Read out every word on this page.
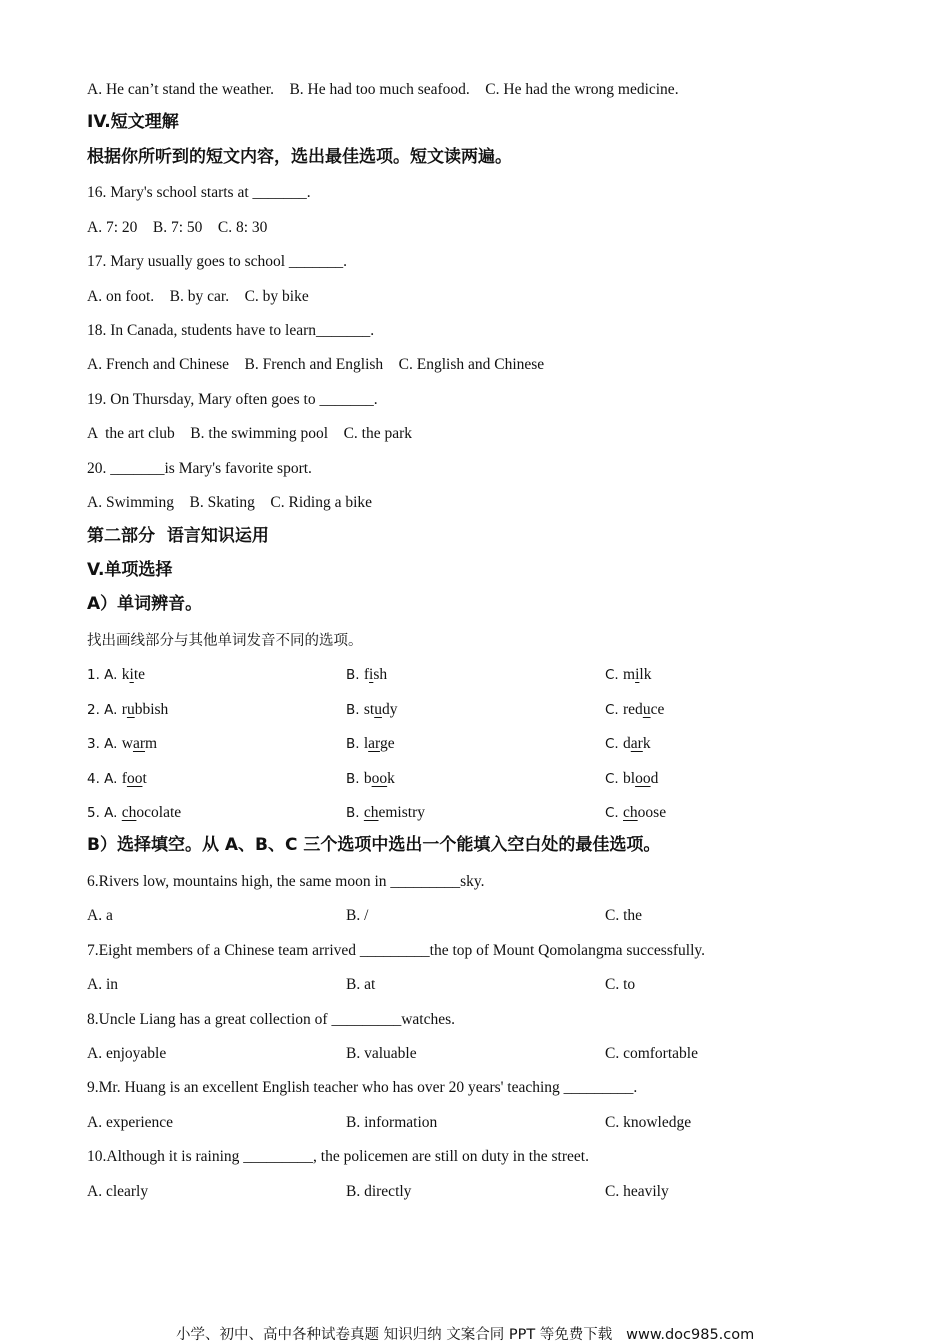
A. He can’t stand the weather.    B. He had too much seafood.    C. He had the wrong medicine.
IV.短文理解
根据你所听到的短文内容，选出最佳选项。短文读两遍。
16. Mary's school starts at _______.
A. 7: 20    B. 7: 50    C. 8: 30
17. Mary usually goes to school _______.
A. on foot.    B. by car.    C. by bike
18. In Canada, students have to learn_______.
A. French and Chinese    B. French and English    C. English and Chinese
19. On Thursday, Mary often goes to _______.
A  the art club    B. the swimming pool    C. the park
20. _______is Mary's favorite sport.
A. Swimming    B. Skating    C. Riding a bike
第二部分  语言知识运用
V.单项选择
A）单词辨音。
找出画线部分与其他单词发音不同的选项。
1. A. kite	B. fish	C. milk
2. A. rubbish	B. study	C. reduce
3. A. warm	B. large	C. dark
4. A. foot	B. book	C. blood
5. A. chocolate	B. chemistry	C. choose
B）选择填空。从 A、B、C 三个选项中选出一个能填入空白处的最佳选项。
6.Rivers low, mountains high, the same moon in _________sky.
A. a	B. /	C. the
7.Eight members of a Chinese team arrived _________the top of Mount Qomolangma successfully.
A. in	B. at	C. to
8.Uncle Liang has a great collection of _________watches.
A. enjoyable	B. valuable	C. comfortable
9.Mr. Huang is an excellent English teacher who has over 20 years' teaching _________.
A. experience	B. information	C. knowledge
10.Although it is raining _________, the policemen are still on duty in the street.
A. clearly	B. directly	C. heavily
小学、初中、高中各种试卷真题 知识归纳 文案合同 PPT 等免费下载   www.doc985.com
